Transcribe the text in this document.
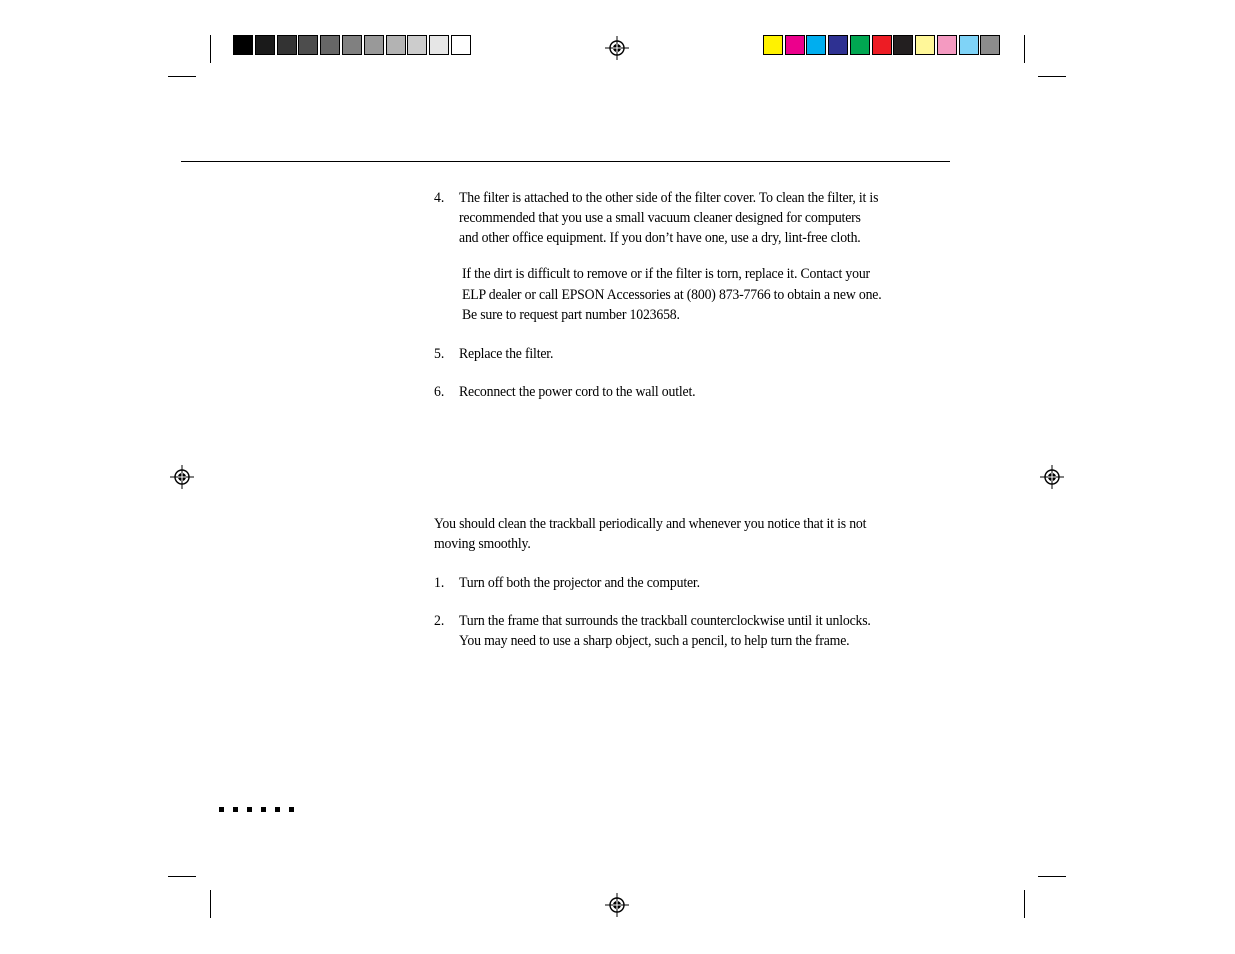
4. The filter is attached to the other side of the filter cover. To clean the filter, it is
recommended that you use a small vacuum cleaner designed for computers
and other office equipment. If you don’t have one, use a dry, lint-free cloth.
If the dirt is difficult to remove or if the filter is torn, replace it. Contact your
ELP dealer or call EPSON Accessories at (800) 873-7766 to obtain a new one.
Be sure to request part number 1023658.
5. Replace the filter.
6. Reconnect the power cord to the wall outlet.
You should clean the trackball periodically and whenever you notice that it is not
moving smoothly.
1. Turn off both the projector and the computer.
2. Turn the frame that surrounds the trackball counterclockwise until it unlocks.
You may need to use a sharp object, such a pencil, to help turn the frame.
